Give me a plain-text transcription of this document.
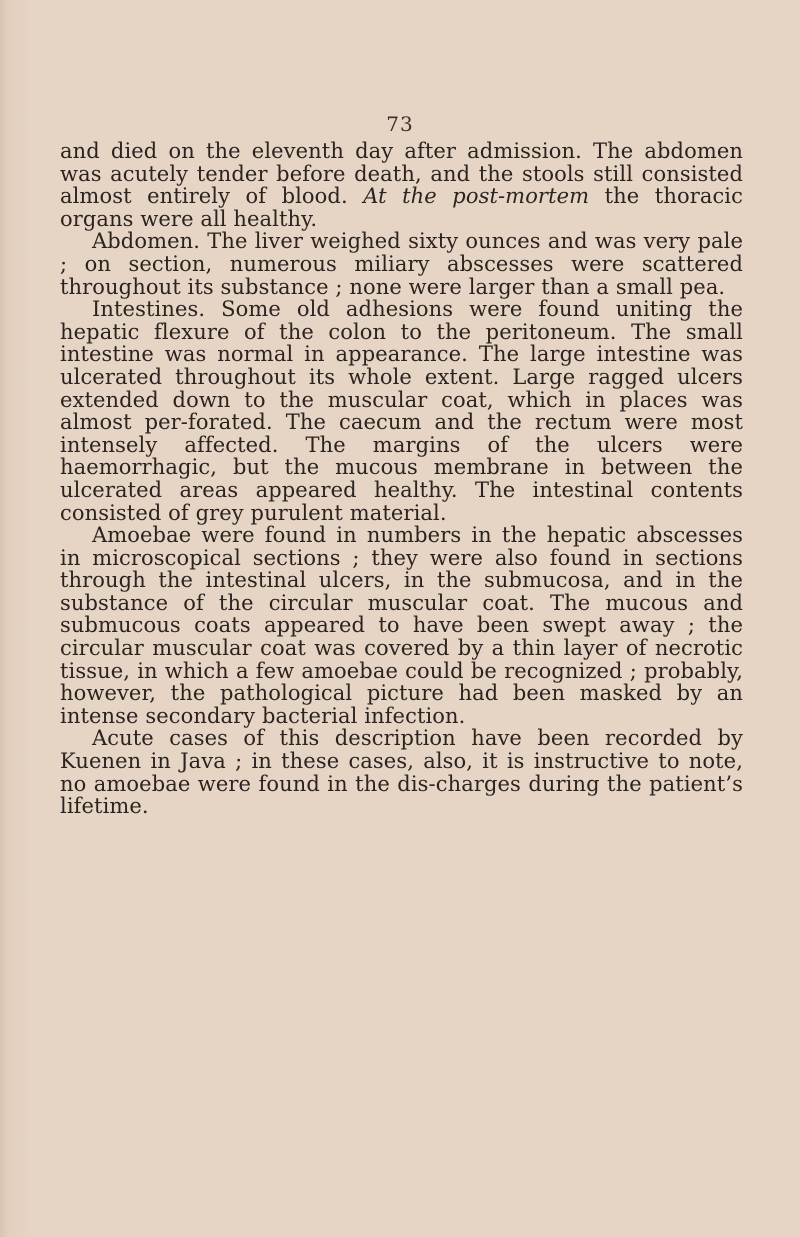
73

and died on the eleventh day after admission. The abdomen was acutely tender before death, and the stools still consisted almost entirely of blood. At the post-mortem the thoracic organs were all healthy.

Abdomen. The liver weighed sixty ounces and was very pale ; on section, numerous miliary abscesses were scattered throughout its substance ; none were larger than a small pea.

Intestines. Some old adhesions were found uniting the hepatic flexure of the colon to the peritoneum. The small intestine was normal in appearance. The large intestine was ulcerated throughout its whole extent. Large ragged ulcers extended down to the muscular coat, which in places was almost per-forated. The caecum and the rectum were most intensely affected. The margins of the ulcers were haemorrhagic, but the mucous membrane in between the ulcerated areas appeared healthy. The intestinal contents consisted of grey purulent material.

Amoebae were found in numbers in the hepatic abscesses in microscopical sections ; they were also found in sections through the intestinal ulcers, in the submucosa, and in the substance of the circular muscular coat. The mucous and submucous coats appeared to have been swept away ; the circular muscular coat was covered by a thin layer of necrotic tissue, in which a few amoebae could be recognized ; probably, however, the pathological picture had been masked by an intense secondary bacterial infection.

Acute cases of this description have been recorded by Kuenen in Java ; in these cases, also, it is instructive to note, no amoebae were found in the dis-charges during the patient’s lifetime.
